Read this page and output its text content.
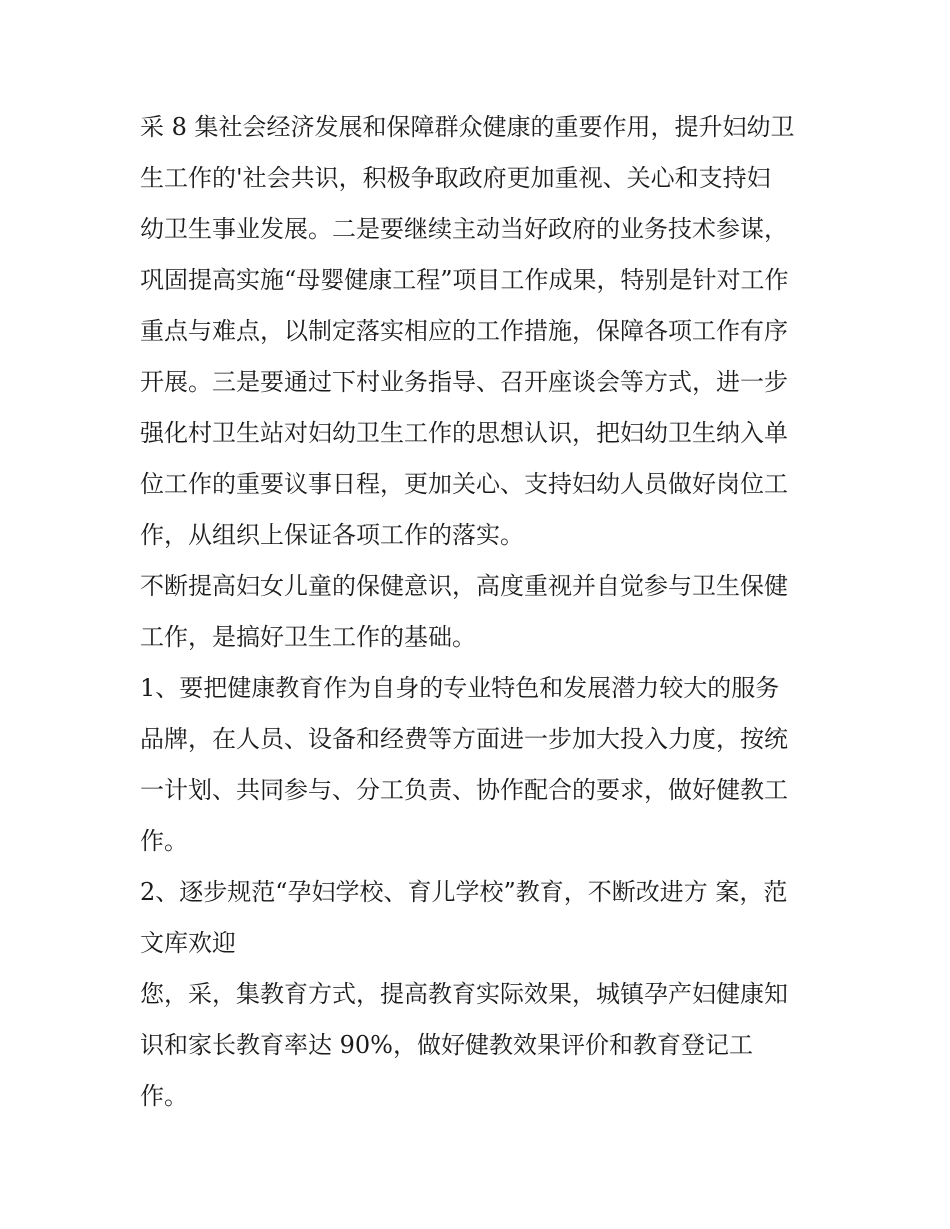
采 8 集社会经济发展和保障群众健康的重要作用，提升妇幼卫
生工作的'社会共识，积极争取政府更加重视、关心和支持妇
幼卫生事业发展。二是要继续主动当好政府的业务技术参谋，
巩固提高实施“母婴健康工程”项目工作成果，特别是针对工作
重点与难点，以制定落实相应的工作措施，保障各项工作有序
开展。三是要通过下村业务指导、召开座谈会等方式，进一步
强化村卫生站对妇幼卫生工作的思想认识，把妇幼卫生纳入单
位工作的重要议事日程，更加关心、支持妇幼人员做好岗位工
作，从组织上保证各项工作的落实。
不断提高妇女儿童的保健意识，高度重视并自觉参与卫生保健
工作，是搞好卫生工作的基础。
1、要把健康教育作为自身的专业特色和发展潜力较大的服务
品牌，在人员、设备和经费等方面进一步加大投入力度，按统
一计划、共同参与、分工负责、协作配合的要求，做好健教工
作。
2、逐步规范“孕妇学校、育儿学校”教育，不断改进方 案，范
文库欢迎
您，采，集教育方式，提高教育实际效果，城镇孕产妇健康知
识和家长教育率达 90%，做好健教效果评价和教育登记工
作。
